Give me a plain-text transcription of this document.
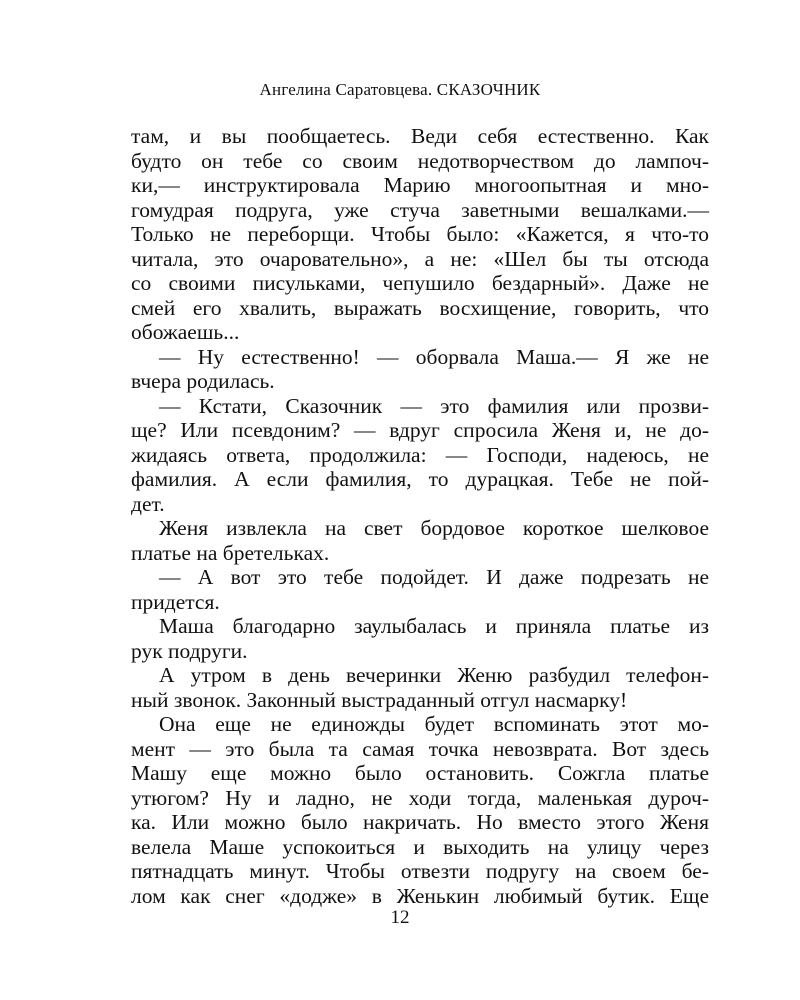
Ангелина Саратовцева. СКАЗОЧНИК
там, и вы пообщаетесь. Веди себя естественно. Как
будто он тебе со своим недотворчеством до лампоч-
ки,— инструктировала Марию многоопытная и мно-
гомудрая подруга, уже стуча заветными вешалками.—
Только не переборщи. Чтобы было: «Кажется, я что-то
читала, это очаровательно», а не: «Шел бы ты отсюда
со своими писульками, чепушило бездарный». Даже не
смей его хвалить, выражать восхищение, говорить, что
обожаешь...
— Ну естественно! — оборвала Маша.— Я же не
вчера родилась.
— Кстати, Сказочник — это фамилия или прозви-
ще? Или псевдоним? — вдруг спросила Женя и, не до-
жидаясь ответа, продолжила: — Господи, надеюсь, не
фамилия. А если фамилия, то дурацкая. Тебе не пой-
дет.
Женя извлекла на свет бордовое короткое шелковое
платье на бретельках.
— А вот это тебе подойдет. И даже подрезать не
придется.
Маша благодарно заулыбалась и приняла платье из
рук подруги.
А утром в день вечеринки Женю разбудил телефон-
ный звонок. Законный выстраданный отгул насмарку!
Она еще не единожды будет вспоминать этот мо-
мент — это была та самая точка невозврата. Вот здесь
Машу еще можно было остановить. Сожгла платье
утюгом? Ну и ладно, не ходи тогда, маленькая дуроч-
ка. Или можно было накричать. Но вместо этого Женя
велела Маше успокоиться и выходить на улицу через
пятнадцать минут. Чтобы отвезти подругу на своем бе-
лом как снег «додже» в Женькин любимый бутик. Еще
12
